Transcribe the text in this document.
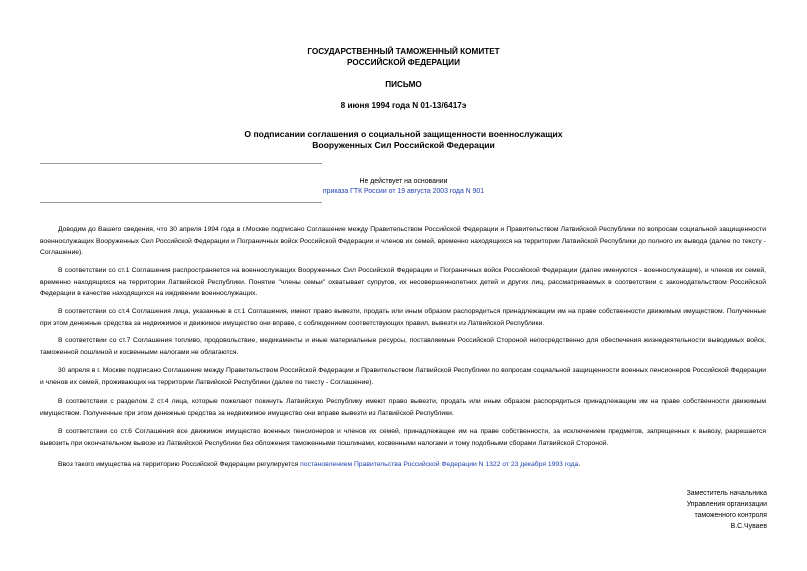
ГОСУДАРСТВЕННЫЙ ТАМОЖЕННЫЙ КОМИТЕТ
РОССИЙСКОЙ ФЕДЕРАЦИИ
ПИСЬМО
8 июня 1994 года N 01-13/6417э
О подписании соглашения о социальной защищенности военнослужащих
Вооруженных Сил Российской Федерации
Не действует на основании
приказа ГТК России от 19 августа 2003 года N 901

Доводим до Вашего сведения, что 30 апреля 1994 года в г.Москве подписано Соглашение между Правительством Российской Федерации и Правительством Латвийской Республики по вопросам социальной защищенности военнослужащих Вооруженных Сил Российской Федерации и Пограничных войск Российской Федерации и членов их семей, временно находящихся на территории Латвийской Республики до полного их вывода (далее по тексту - Соглашение).

В соответствии со ст.1 Соглашения распространяется на военнослужащих Вооруженных Сил Российской Федерации и Пограничных войск Российской Федерации (далее именуются - военнослужащие), и членов их семей, временно находящихся на территории Латвийской Республики. Понятие "члены семьи" охватывает супругов, их несовершеннолетних детей и других лиц, рассматриваемых в соответствии с законодательством Российской Федерации в качестве находящихся на иждивении военнослужащих.

В соответствии со ст.4 Соглашения лица, указанные в ст.1 Соглашения, имеют право вывезти, продать или иным образом распорядиться принадлежащим им на праве собственности движимым имуществом. Полученные при этом денежные средства за недвижимое и движимое имущество они вправе, с соблюдением соответствующих правил, вывезти из Латвийской Республики.

В соответствии со ст.7 Соглашения топливо, продовольствие, медикаменты и иные материальные ресурсы, поставляемые Российской Стороной непосредственно для обеспечения жизнедеятельности выводимых войск, таможенной пошлиной и косвенными налогами не облагаются.

30 апреля в г. Москве подписано Соглашение между Правительством Российской Федерации и Правительством Латвийской Республики по вопросам социальной защищенности военных пенсионеров Российской Федерации и членов их семей, проживающих на территории Латвийской Республики (далее по тексту - Соглашение).

В соответствии с разделом 2 ст.4 лица, которые пожелают покинуть Латвийскую Республику имеют право вывезти, продать или иным образом распорядиться принадлежащим им на праве собственности движимым имуществом. Полученные при этом денежные средства за недвижимое имущество они вправе вывезти из Латвийской Республики.

В соответствии со ст.6 Соглашения все движимое имущество военных пенсионеров и членов их семей, принадлежащее им на праве собственности, за исключением предметов, запрещенных к вывозу, разрешается вывозить при окончательном вывозе из Латвийской Республики без обложения таможенными пошлинами, косвенными налогами и тому подобными сборами Латвийской Стороной.

Ввоз такого имущества на территорию Российской Федерации регулируется постановлением Правительства Российской Федерации N 1322 от 23 декабря 1993 года.

Заместитель начальника
Управления организации
таможенного контроля
В.С.Чуваев
